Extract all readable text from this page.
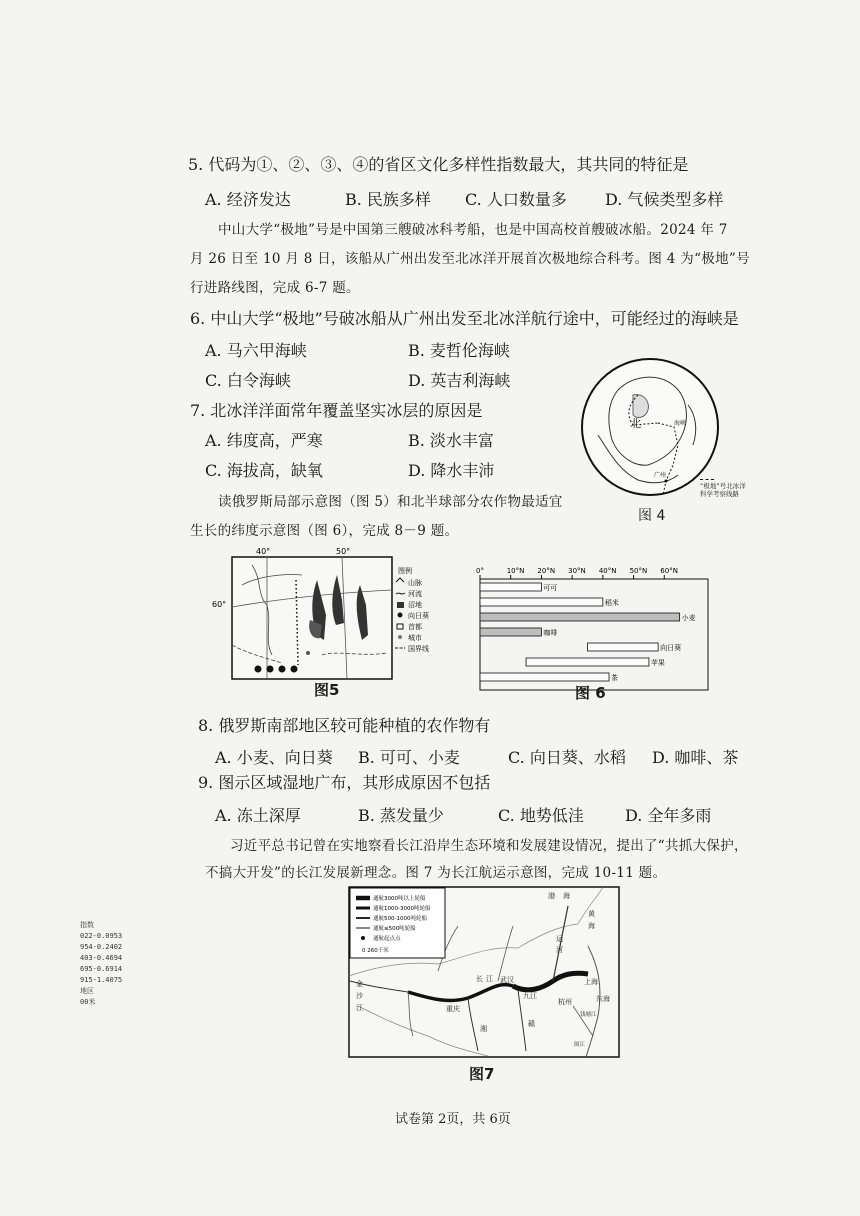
5. 代码为①、②、③、④的省区文化多样性指数最大，其共同的特征是
A. 经济发达	B. 民族多样 C. 人口数量多 D. 气候类型多样
中山大学“极地”号是中国第三艘破冰科考船，也是中国高校首艘破冰船。2024 年 7
月 26 日至 10 月 8 日，该船从广州出发至北冰洋开展首次极地综合科考。图 4 为“极地”号
行进路线图，完成 6-7 题。
6. 中山大学“极地”号破冰船从广州出发至北冰洋航行途中，可能经过的海峡是
A. 马六甲海峡	B. 麦哲伦海峡
C. 白令海峡	D. 英吉利海峡
7. 北冰洋洋面常年覆盖坚实冰层的原因是
A. 纬度高，严寒	B. 淡水丰富
C. 海拔高，缺氧	D. 降水丰沛
北	海峡
广州
“极地”号北冰洋
科学考察线路
图 4
读俄罗斯局部示意图（图 5）和北半球部分农作物最适宜
生长的纬度示意图（图 6），完成 8－9 题。
40°	50°
60°
图例
山脉
河流
沼地
向日葵
首都
城市
国界线
图5
0°	10°N 20°N 30°N 40°N 50°N 60°N
可可
稻米
小麦
咖啡
向日葵
苹果
茶
图 6
8. 俄罗斯南部地区较可能种植的农作物有
A. 小麦、向日葵 B. 可可、小麦	C. 向日葵、水稻 D. 咖啡、茶
9. 图示区域湿地广布，其形成原因不包括
A. 冻土深厚	B. 蒸发量少	C. 地势低洼	D. 全年多雨
习近平总书记曾在实地察看长江沿岸生态环境和发展建设情况，提出了“共抓大保护，
不搞大开发”的长江发展新理念。图 7 为长江航运示意图，完成 10-11 题。
通航3000吨以上轮船
通航1000-3000吨轮船
通航500-1000吨轮船
通航≤500吨轮船
通航起点点
0 260千米
黄
海
渤 海
东海
上海
杭州
武汉
九江
重庆
金
沙
江
长 江
运
河
赣
湘
钱塘江
闽江
图7
指数
022-0.0953
954-0.2402
403-0.4694
695-0.6914
915-1.4075
地区
00米
试卷第 2页，共 6页
